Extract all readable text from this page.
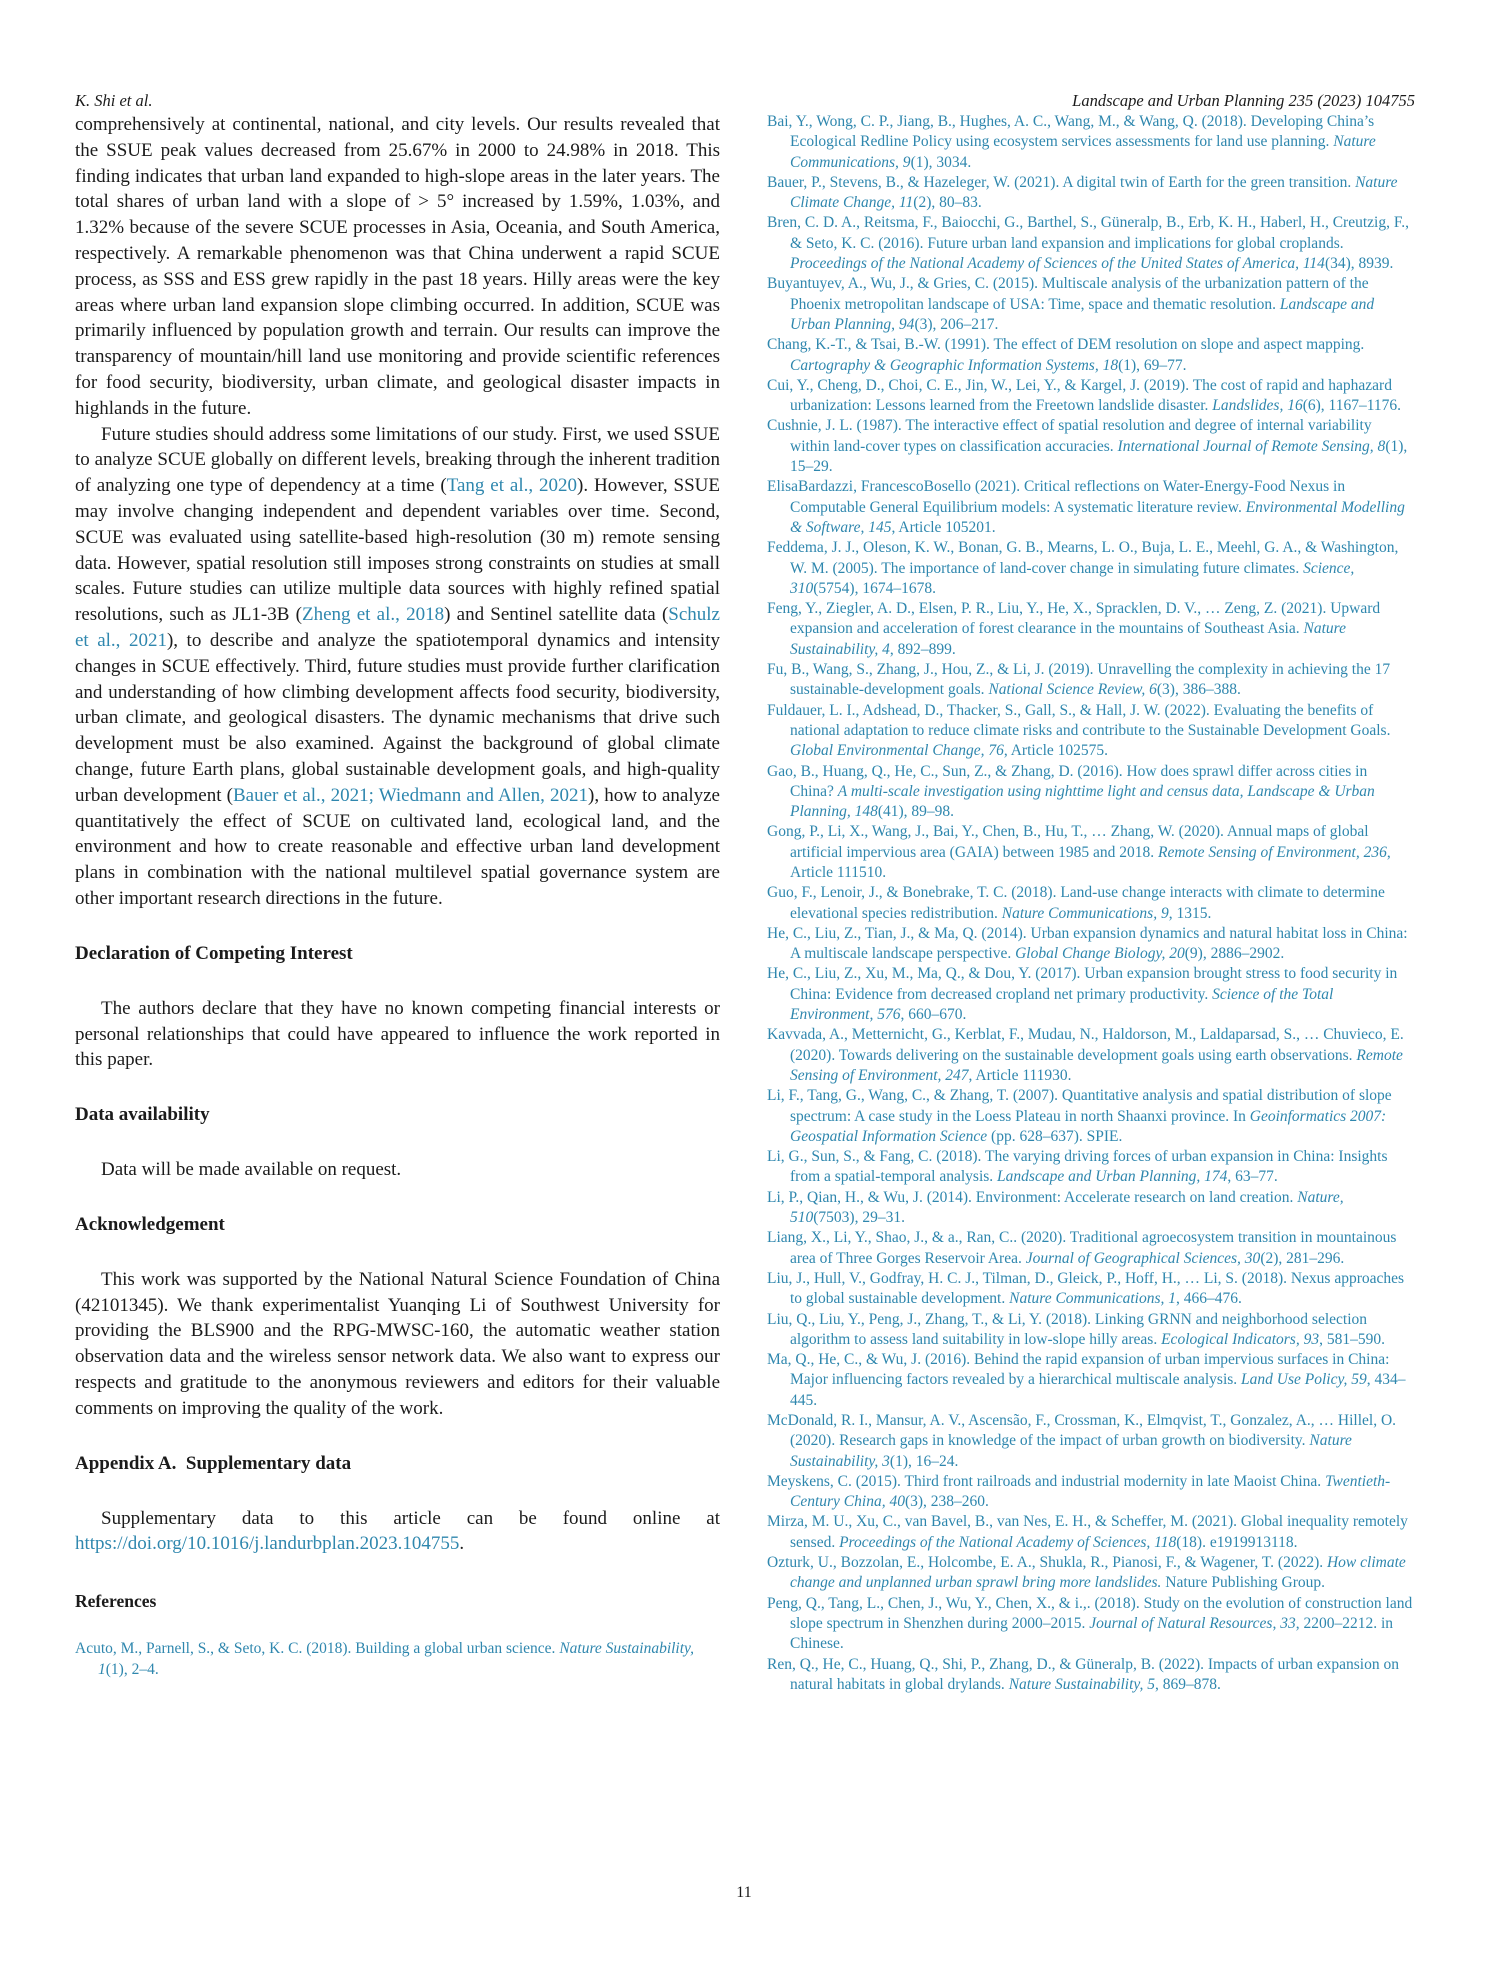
K. Shi et al.	Landscape and Urban Planning 235 (2023) 104755

comprehensively at continental, national, and city levels. Our results revealed that the SSUE peak values decreased from 25.67% in 2000 to 24.98% in 2018. This finding indicates that urban land expanded to high-slope areas in the later years. The total shares of urban land with a slope of > 5° increased by 1.59%, 1.03%, and 1.32% because of the severe SCUE processes in Asia, Oceania, and South America, respectively. A remarkable phenomenon was that China underwent a rapid SCUE process, as SSS and ESS grew rapidly in the past 18 years. Hilly areas were the key areas where urban land expansion slope climbing occurred. In addition, SCUE was primarily influenced by population growth and terrain. Our results can improve the transparency of mountain/hill land use monitoring and provide scientific references for food security, biodiversity, urban climate, and geological disaster impacts in highlands in the future.

Future studies should address some limitations of our study. First, we used SSUE to analyze SCUE globally on different levels, breaking through the inherent tradition of analyzing one type of dependency at a time (Tang et al., 2020). However, SSUE may involve changing independent and dependent variables over time. Second, SCUE was evaluated using satellite-based high-resolution (30 m) remote sensing data. However, spatial resolution still imposes strong constraints on studies at small scales. Future studies can utilize multiple data sources with highly refined spatial resolutions, such as JL1-3B (Zheng et al., 2018) and Sentinel satellite data (Schulz et al., 2021), to describe and analyze the spatiotemporal dynamics and intensity changes in SCUE effectively. Third, future studies must provide further clarification and understanding of how climbing development affects food security, biodiversity, urban climate, and geological disasters. The dynamic mechanisms that drive such development must be also examined. Against the background of global climate change, future Earth plans, global sustainable development goals, and high-quality urban development (Bauer et al., 2021; Wiedmann and Allen, 2021), how to analyze quantitatively the effect of SCUE on cultivated land, ecological land, and the environment and how to create reasonable and effective urban land development plans in combination with the national multilevel spatial governance system are other important research directions in the future.

Declaration of Competing Interest

The authors declare that they have no known competing financial interests or personal relationships that could have appeared to influence the work reported in this paper.

Data availability

Data will be made available on request.

Acknowledgement

This work was supported by the National Natural Science Foundation of China (42101345). We thank experimentalist Yuanqing Li of Southwest University for providing the BLS900 and the RPG-MWSC-160, the automatic weather station observation data and the wireless sensor network data. We also want to express our respects and gratitude to the anonymous reviewers and editors for their valuable comments on improving the quality of the work.

Appendix A.  Supplementary data

Supplementary data to this article can be found online at https://doi.org/10.1016/j.landurbplan.2023.104755.

References

Acuto, M., Parnell, S., & Seto, K. C. (2018). Building a global urban science. Nature Sustainability, 1(1), 2–4.

Bai, Y., Wong, C. P., Jiang, B., Hughes, A. C., Wang, M., & Wang, Q. (2018). Developing China’s Ecological Redline Policy using ecosystem services assessments for land use planning. Nature Communications, 9(1), 3034.

Bauer, P., Stevens, B., & Hazeleger, W. (2021). A digital twin of Earth for the green transition. Nature Climate Change, 11(2), 80–83.

Bren, C. D. A., Reitsma, F., Baiocchi, G., Barthel, S., Güneralp, B., Erb, K. H., Haberl, H., Creutzig, F., & Seto, K. C. (2016). Future urban land expansion and implications for global croplands. Proceedings of the National Academy of Sciences of the United States of America, 114(34), 8939.

Buyantuyev, A., Wu, J., & Gries, C. (2015). Multiscale analysis of the urbanization pattern of the Phoenix metropolitan landscape of USA: Time, space and thematic resolution. Landscape and Urban Planning, 94(3), 206–217.

Chang, K.-T., & Tsai, B.-W. (1991). The effect of DEM resolution on slope and aspect mapping. Cartography & Geographic Information Systems, 18(1), 69–77.

Cui, Y., Cheng, D., Choi, C. E., Jin, W., Lei, Y., & Kargel, J. (2019). The cost of rapid and haphazard urbanization: Lessons learned from the Freetown landslide disaster. Landslides, 16(6), 1167–1176.

Cushnie, J. L. (1987). The interactive effect of spatial resolution and degree of internal variability within land-cover types on classification accuracies. International Journal of Remote Sensing, 8(1), 15–29.

ElisaBardazzi, FrancescoBosello (2021). Critical reflections on Water-Energy-Food Nexus in Computable General Equilibrium models: A systematic literature review. Environmental Modelling & Software, 145, Article 105201.

Feddema, J. J., Oleson, K. W., Bonan, G. B., Mearns, L. O., Buja, L. E., Meehl, G. A., & Washington, W. M. (2005). The importance of land-cover change in simulating future climates. Science, 310(5754), 1674–1678.

Feng, Y., Ziegler, A. D., Elsen, P. R., Liu, Y., He, X., Spracklen, D. V., … Zeng, Z. (2021). Upward expansion and acceleration of forest clearance in the mountains of Southeast Asia. Nature Sustainability, 4, 892–899.

Fu, B., Wang, S., Zhang, J., Hou, Z., & Li, J. (2019). Unravelling the complexity in achieving the 17 sustainable-development goals. National Science Review, 6(3), 386–388.

Fuldauer, L. I., Adshead, D., Thacker, S., Gall, S., & Hall, J. W. (2022). Evaluating the benefits of national adaptation to reduce climate risks and contribute to the Sustainable Development Goals. Global Environmental Change, 76, Article 102575.

Gao, B., Huang, Q., He, C., Sun, Z., & Zhang, D. (2016). How does sprawl differ across cities in China? A multi-scale investigation using nighttime light and census data, Landscape & Urban Planning, 148(41), 89–98.

Gong, P., Li, X., Wang, J., Bai, Y., Chen, B., Hu, T., … Zhang, W. (2020). Annual maps of global artificial impervious area (GAIA) between 1985 and 2018. Remote Sensing of Environment, 236, Article 111510.

Guo, F., Lenoir, J., & Bonebrake, T. C. (2018). Land-use change interacts with climate to determine elevational species redistribution. Nature Communications, 9, 1315.

He, C., Liu, Z., Tian, J., & Ma, Q. (2014). Urban expansion dynamics and natural habitat loss in China: A multiscale landscape perspective. Global Change Biology, 20(9), 2886–2902.

He, C., Liu, Z., Xu, M., Ma, Q., & Dou, Y. (2017). Urban expansion brought stress to food security in China: Evidence from decreased cropland net primary productivity. Science of the Total Environment, 576, 660–670.

Kavvada, A., Metternicht, G., Kerblat, F., Mudau, N., Haldorson, M., Laldaparsad, S., … Chuvieco, E. (2020). Towards delivering on the sustainable development goals using earth observations. Remote Sensing of Environment, 247, Article 111930.

Li, F., Tang, G., Wang, C., & Zhang, T. (2007). Quantitative analysis and spatial distribution of slope spectrum: A case study in the Loess Plateau in north Shaanxi province. In Geoinformatics 2007: Geospatial Information Science (pp. 628–637). SPIE.

Li, G., Sun, S., & Fang, C. (2018). The varying driving forces of urban expansion in China: Insights from a spatial-temporal analysis. Landscape and Urban Planning, 174, 63–77.

Li, P., Qian, H., & Wu, J. (2014). Environment: Accelerate research on land creation. Nature, 510(7503), 29–31.

Liang, X., Li, Y., Shao, J., & a., Ran, C.. (2020). Traditional agroecosystem transition in mountainous area of Three Gorges Reservoir Area. Journal of Geographical Sciences, 30(2), 281–296.

Liu, J., Hull, V., Godfray, H. C. J., Tilman, D., Gleick, P., Hoff, H., … Li, S. (2018). Nexus approaches to global sustainable development. Nature Communications, 1, 466–476.

Liu, Q., Liu, Y., Peng, J., Zhang, T., & Li, Y. (2018). Linking GRNN and neighborhood selection algorithm to assess land suitability in low-slope hilly areas. Ecological Indicators, 93, 581–590.

Ma, Q., He, C., & Wu, J. (2016). Behind the rapid expansion of urban impervious surfaces in China: Major influencing factors revealed by a hierarchical multiscale analysis. Land Use Policy, 59, 434–445.

McDonald, R. I., Mansur, A. V., Ascensão, F., Crossman, K., Elmqvist, T., Gonzalez, A., … Hillel, O. (2020). Research gaps in knowledge of the impact of urban growth on biodiversity. Nature Sustainability, 3(1), 16–24.

Meyskens, C. (2015). Third front railroads and industrial modernity in late Maoist China. Twentieth-Century China, 40(3), 238–260.

Mirza, M. U., Xu, C., van Bavel, B., van Nes, E. H., & Scheffer, M. (2021). Global inequality remotely sensed. Proceedings of the National Academy of Sciences, 118(18). e1919913118.

Ozturk, U., Bozzolan, E., Holcombe, E. A., Shukla, R., Pianosi, F., & Wagener, T. (2022). How climate change and unplanned urban sprawl bring more landslides. Nature Publishing Group.

Peng, Q., Tang, L., Chen, J., Wu, Y., Chen, X., & i.,. (2018). Study on the evolution of construction land slope spectrum in Shenzhen during 2000–2015. Journal of Natural Resources, 33, 2200–2212. in Chinese.

Ren, Q., He, C., Huang, Q., Shi, P., Zhang, D., & Güneralp, B. (2022). Impacts of urban expansion on natural habitats in global drylands. Nature Sustainability, 5, 869–878.

11
